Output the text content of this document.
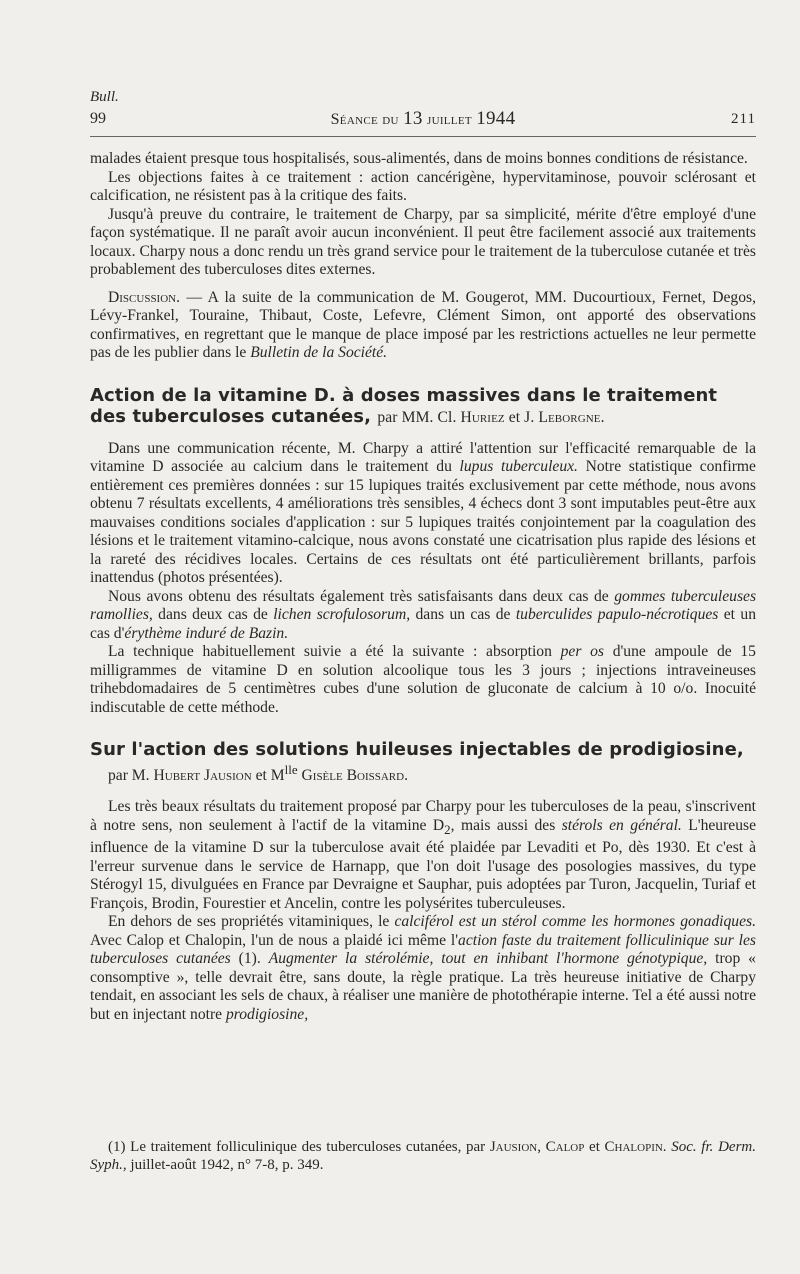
Bull.
99	Séance du 13 juillet 1944	211

malades étaient presque tous hospitalisés, sous-alimentés, dans de moins bonnes conditions de résistance.

Les objections faites à ce traitement : action cancérigène, hypervitaminose, pouvoir sclérosant et calcification, ne résistent pas à la critique des faits.

Jusqu'à preuve du contraire, le traitement de Charpy, par sa simplicité, mérite d'être employé d'une façon systématique. Il ne paraît avoir aucun inconvénient. Il peut être facilement associé aux traitements locaux. Charpy nous a donc rendu un très grand service pour le traitement de la tuberculose cutanée et très probablement des tuberculoses dites externes.

Discussion. — A la suite de la communication de M. Gougerot, MM. Ducourtioux, Fernet, Degos, Lévy-Frankel, Touraine, Thibaut, Coste, Lefevre, Clément Simon, ont apporté des observations confirmatives, en regrettant que le manque de place imposé par les restrictions actuelles ne leur permette pas de les publier dans le Bulletin de la Société.

Action de la vitamine D. à doses massives dans le traitement des tuberculoses cutanées, par MM. Cl. Huriez et J. Leborgne.

Dans une communication récente, M. Charpy a attiré l'attention sur l'efficacité remarquable de la vitamine D associée au calcium dans le traitement du lupus tuberculeux. Notre statistique confirme entièrement ces premières données : sur 15 lupiques traités exclusivement par cette méthode, nous avons obtenu 7 résultats excellents, 4 améliorations très sensibles, 4 échecs dont 3 sont imputables peut-être aux mauvaises conditions sociales d'application : sur 5 lupiques traités conjointement par la coagulation des lésions et le traitement vitamino-calcique, nous avons constaté une cicatrisation plus rapide des lésions et la rareté des récidives locales. Certains de ces résultats ont été particulièrement brillants, parfois inattendus (photos présentées).

Nous avons obtenu des résultats également très satisfaisants dans deux cas de gommes tuberculeuses ramollies, dans deux cas de lichen scrofulosorum, dans un cas de tuberculides papulo-nécrotiques et un cas d'érythème induré de Bazin.

La technique habituellement suivie a été la suivante : absorption per os d'une ampoule de 15 milligrammes de vitamine D en solution alcoolique tous les 3 jours ; injections intraveineuses trihebdomadaires de 5 centimètres cubes d'une solution de gluconate de calcium à 10 o/o. Inocuité indiscutable de cette méthode.

Sur l'action des solutions huileuses injectables de prodigiosine,

par M. Hubert Jausion et $M^{lle}$ Gisèle Boissard.

Les très beaux résultats du traitement proposé par Charpy pour les tuberculoses de la peau, s'inscrivent à notre sens, non seulement à l'actif de la vitamine $D_2$, mais aussi des stérols en général. L'heureuse influence de la vitamine D sur la tuberculose avait été plaidée par Levaditi et Po, dès 1930. Et c'est à l'erreur survenue dans le service de Harnapp, que l'on doit l'usage des posologies massives, du type Stérogyl 15, divulguées en France par Devraigne et Sauphar, puis adoptées par Turon, Jacquelin, Turiaf et François, Brodin, Fourestier et Ancelin, contre les polysérites tuberculeuses.

En dehors de ses propriétés vitaminiques, le calciférol est un stérol comme les hormones gonadiques. Avec Calop et Chalopin, l'un de nous a plaidé ici même l'action faste du traitement folliculinique sur les tuberculoses cutanées (1). Augmenter la stérolémie, tout en inhibant l'hormone génotypique, trop « consomptive », telle devrait être, sans doute, la règle pratique. La très heureuse initiative de Charpy tendait, en associant les sels de chaux, à réaliser une manière de photothérapie interne. Tel a été aussi notre but en injectant notre prodigiosine,

(1) Le traitement folliculinique des tuberculoses cutanées, par Jausion, Calop et Chalopin. Soc. fr. Derm. Syph., juillet-août 1942, n° 7-8, p. 349.
